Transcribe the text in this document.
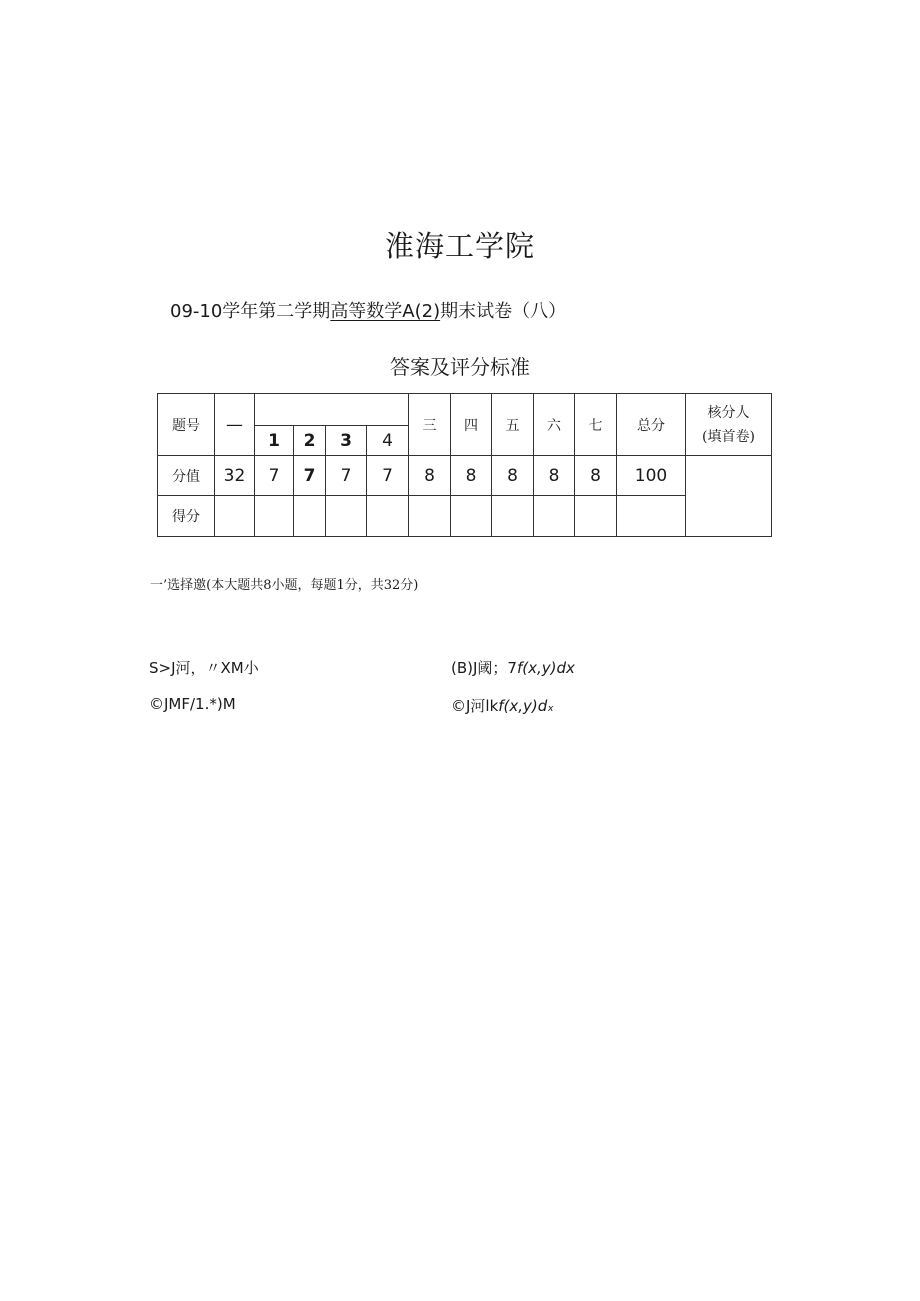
淮海工学院
09-10学年第二学期高等数学A(2)期末试卷（八）
答案及评分标准
题号	—					三	四	五	六	七	总分	核分人
(填首卷)

		1	2	3	4							
分值	32	7	7	7	7	8	8	8	8	8	100	
得分												
一’选择邀(本大题共8小题，每题1分，共32分)
S>J河，〃XM小	(B)J阈；7f(x,y)dx
©JMF/1.*)M	©J河lkf(x,y)dₓ
